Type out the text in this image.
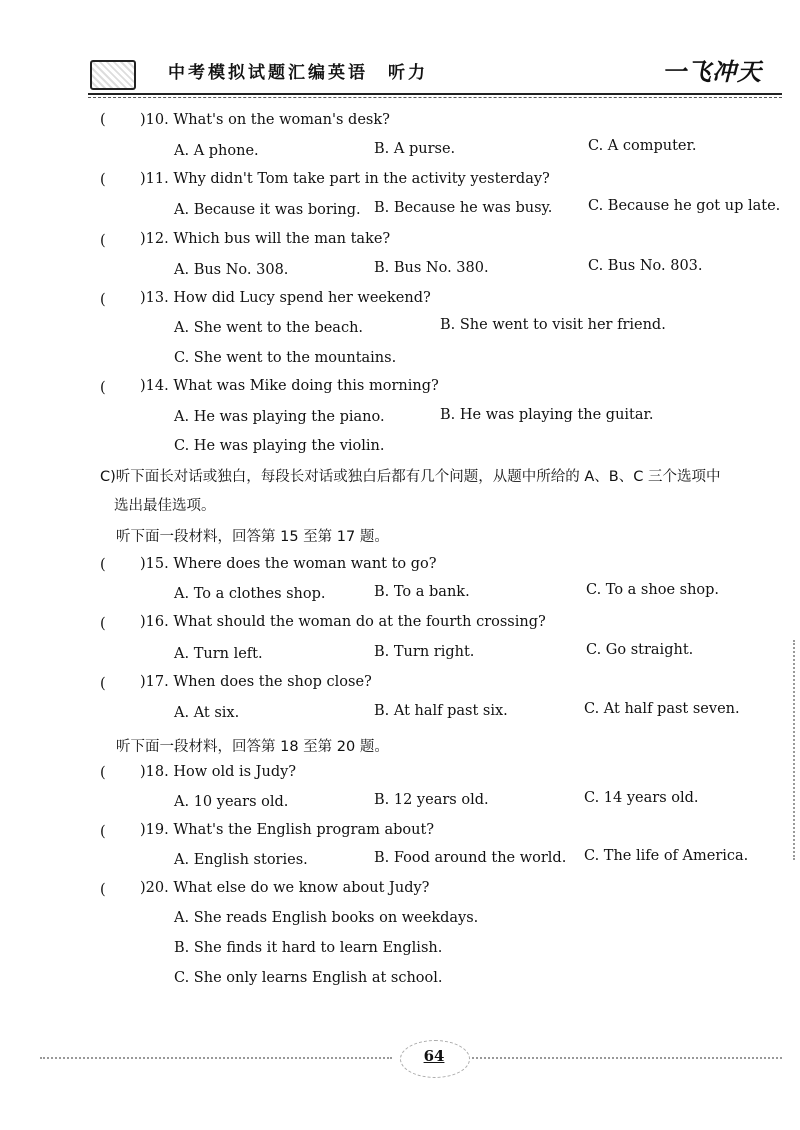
中考模拟试题汇编英语　听力	一飞冲天
( )10. What's on the woman's desk?
A. A phone.	B. A purse.	C. A computer.
( )11. Why didn't Tom take part in the activity yesterday?
A. Because it was boring. B. Because he was busy. C. Because he got up late.
( )12. Which bus will the man take?
A. Bus No. 308.	B. Bus No. 380.	C. Bus No. 803.
( )13. How did Lucy spend her weekend?
A. She went to the beach.	B. She went to visit her friend.
C. She went to the mountains.
( )14. What was Mike doing this morning?
A. He was playing the piano.	B. He was playing the guitar.
C. He was playing the violin.
C)听下面长对话或独白，每段长对话或独白后都有几个问题，从题中所给的 A、B、C 三个选项中
选出最佳选项。
听下面一段材料，回答第 15 至第 17 题。
( )15. Where does the woman want to go?
A. To a clothes shop.	B. To a bank.	C. To a shoe shop.
( )16. What should the woman do at the fourth crossing?
A. Turn left.	B. Turn right.	C. Go straight.
( )17. When does the shop close?
A. At six.	B. At half past six.	C. At half past seven.
听下面一段材料，回答第 18 至第 20 题。
( )18. How old is Judy?
A. 10 years old.	B. 12 years old.	C. 14 years old.
( )19. What's the English program about?
A. English stories.	B. Food around the world. C. The life of America.
( )20. What else do we know about Judy?
A. She reads English books on weekdays.
B. She finds it hard to learn English.
C. She only learns English at school.
64
